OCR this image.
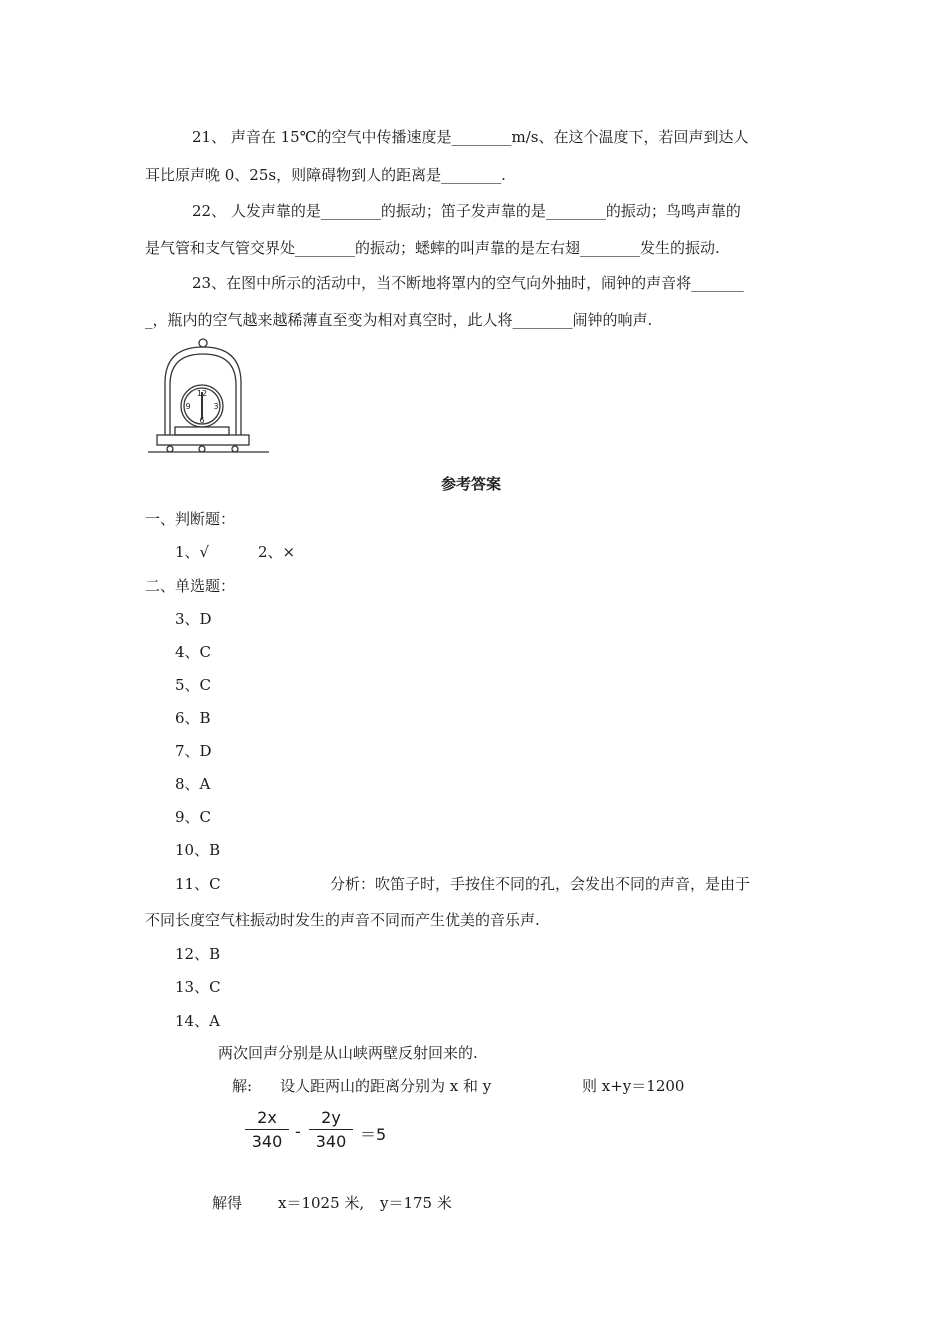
21、 声音在 15℃的空气中传播速度是________m/s、在这个温度下，若回声到达人
耳比原声晚 0、25s，则障碍物到人的距离是________.
22、 人发声靠的是________的振动；笛子发声靠的是________的振动；鸟鸣声靠的
是气管和支气管交界处________的振动；蟋蟀的叫声靠的是左右翅________发生的振动.
23、在图中所示的活动中，当不断地将罩内的空气向外抽时，闹钟的声音将_______
_，瓶内的空气越来越稀薄直至变为相对真空时，此人将________闹钟的响声.
12
3
6
9
参考答案
一、判断题：
1、√	2、×
二、单选题：
3、D
4、C
5、C
6、B
7、D
8、A
9、C
10、B
11、C	分析：吹笛子时，手按住不同的孔，会发出不同的声音，是由于
不同长度空气柱振动时发生的声音不同而产生优美的音乐声.
12、B
13、C
14、A
两次回声分别是从山峡两壁反射回来的.
解: 设人距两山的距离分别为 x 和 y	则 x+y＝1200
2x
340
-
2y
340 ＝5
解得 x＝1025 米, y＝175 米
